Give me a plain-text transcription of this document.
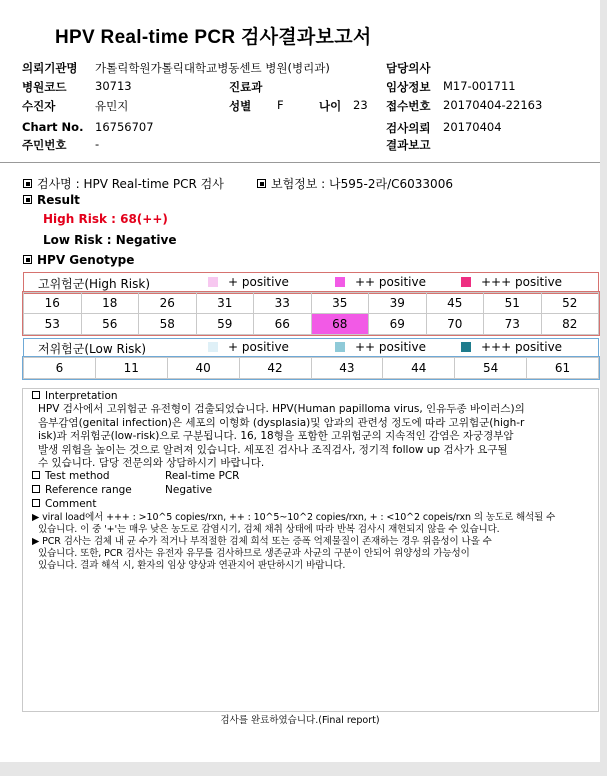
HPV Real-time PCR 검사결과보고서
의뢰기관명 가톨릭학원가톨릭대학교병동센트 병원(병리과)
병원코드 30713
수진자	유민지
Chart No. 16756707
주민번호 -
진료과
성별 F	나이 23
담당의사
임상정보 M17-001711
접수번호 20170404-22163
검사의뢰 20170404
결과보고
검사명 : HPV Real-time PCR 검사	보험정보 : 나595-2라/C6033006
Result
High Risk : 68(++)
Low Risk : Negative
HPV Genotype
고위험군(High Risk)	+ positive	++ positive	+++ positive
16	18	26	31	33	35	39	45	51	52
53	56	58	59	66	68	69	70	73	82
저위험군(Low Risk)	+ positive	++ positive	+++ positive
6	11	40	42	43	44	54	61
Interpretation
HPV 검사에서 고위험군 유전형이 검출되었습니다. HPV(Human papilloma virus, 인유두종 바이러스)의
음부감염(genital infection)은 세포의 이형화 (dysplasia)및 암과의 관련성 정도에 따라 고위험군(high-r
isk)과 저위험군(low-risk)으로 구분됩니다. 16, 18형을 포함한 고위험군의 지속적인 감염은 자궁경부암
발생 위험을 높이는 것으로 알려져 있습니다. 세포진 검사나 조직검사, 정기적 follow up 검사가 요구될
수 있습니다. 담당 전문의와 상담하시기 바랍니다.
Test method	Real-time PCR
Reference range	Negative
Comment
▶ viral load에서 +++ : >10^5 copies/rxn, ++ : 10^5~10^2 copies/rxn, + : <10^2 copeis/rxn 의 농도로 해석될 수
있습니다. 이 중 '+'는 매우 낮은 농도로 감염시기, 검체 채취 상태에 따라 반복 검사시 재현되지 않을 수 있습니다.
▶ PCR 검사는 검체 내 균 수가 적거나 부적절한 검체 희석 또는 증폭 억제물질이 존재하는 경우 위음성이 나올 수
있습니다. 또한, PCR 검사는 유전자 유무를 검사하므로 생존균과 사균의 구분이 안되어 위양성의 가능성이
있습니다. 결과 해석 시, 환자의 임상 양상과 연관지어 판단하시기 바랍니다.
검사를 완료하였습니다.(Final report)
